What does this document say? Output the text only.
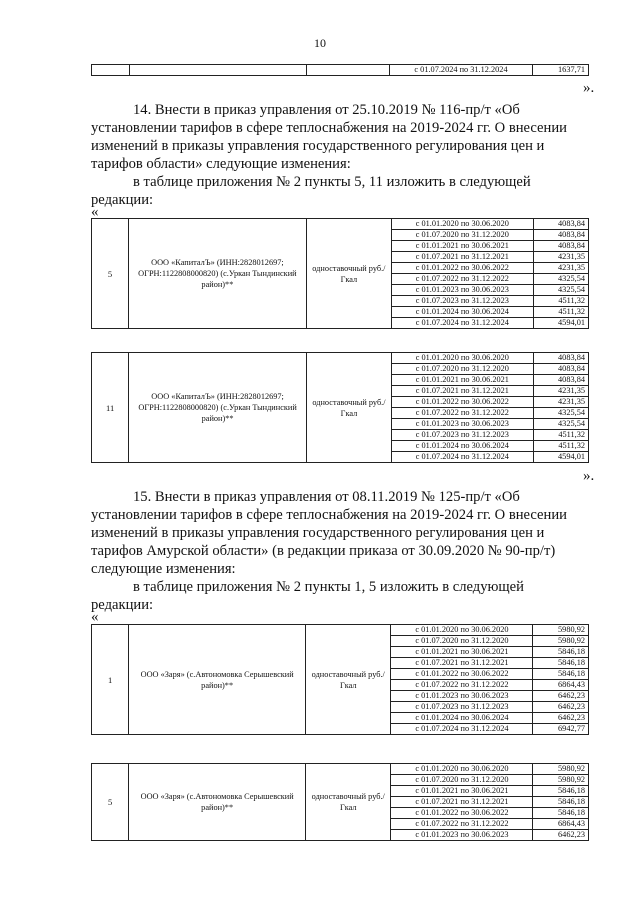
10
			с 01.07.2024 по 31.12.2024	1637,71
».

14. Внести в приказ управления от 25.10.2019 № 116-пр/т «Об

установлении тарифов в сфере теплоснабжения на 2019-2024 гг. О внесении

изменений в приказы управления государственного регулирования цен и

тарифов области» следующие изменения:

в таблице приложения № 2 пункты 5, 11 изложить в следующей

редакции:

«
5	ООО «КапиталЪ» (ИНН:2828012697; ОГРН:1122808000820) (с.Уркан Тындинский район)**	одноставочный руб./Гкал	с 01.01.2020 по 30.06.2020	4083,84
			с 01.07.2020 по 31.12.2020	4083,84
			с 01.01.2021 по 30.06.2021	4083,84
			с 01.07.2021 по 31.12.2021	4231,35
			с 01.01.2022 по 30.06.2022	4231,35
			с 01.07.2022 по 31.12.2022	4325,54
			с 01.01.2023 по 30.06.2023	4325,54
			с 01.07.2023 по 31.12.2023	4511,32
			с 01.01.2024 по 30.06.2024	4511,32
			с 01.07.2024 по 31.12.2024	4594,01
11	ООО «КапиталЪ» (ИНН:2828012697; ОГРН:1122808000820) (с.Уркан Тындинский район)**	одноставочный руб./Гкал	с 01.01.2020 по 30.06.2020	4083,84
			с 01.07.2020 по 31.12.2020	4083,84
			с 01.01.2021 по 30.06.2021	4083,84
			с 01.07.2021 по 31.12.2021	4231,35
			с 01.01.2022 по 30.06.2022	4231,35
			с 01.07.2022 по 31.12.2022	4325,54
			с 01.01.2023 по 30.06.2023	4325,54
			с 01.07.2023 по 31.12.2023	4511,32
			с 01.01.2024 по 30.06.2024	4511,32
			с 01.07.2024 по 31.12.2024	4594,01
».

15. Внести в приказ управления от 08.11.2019 № 125-пр/т «Об

установлении тарифов в сфере теплоснабжения на 2019-2024 гг. О внесении

изменений в приказы управления государственного регулирования цен и

тарифов Амурской области» (в редакции приказа от 30.09.2020 № 90-пр/т)

следующие изменения:

в таблице приложения № 2 пункты 1, 5 изложить в следующей

редакции:

«
1	ООО «Заря» (с.Автономовка Серышевский район)**	одноставочный руб./Гкал	с 01.01.2020 по 30.06.2020	5980,92
			с 01.07.2020 по 31.12.2020	5980,92
			с 01.01.2021 по 30.06.2021	5846,18
			с 01.07.2021 по 31.12.2021	5846,18
			с 01.01.2022 по 30.06.2022	5846,18
			с 01.07.2022 по 31.12.2022	6864,43
			с 01.01.2023 по 30.06.2023	6462,23
			с 01.07.2023 по 31.12.2023	6462,23
			с 01.01.2024 по 30.06.2024	6462,23
			с 01.07.2024 по 31.12.2024	6942,77
5	ООО «Заря» (с.Автономовка Серышевский район)**	одноставочный руб./Гкал	с 01.01.2020 по 30.06.2020	5980,92
			с 01.07.2020 по 31.12.2020	5980,92
			с 01.01.2021 по 30.06.2021	5846,18
			с 01.07.2021 по 31.12.2021	5846,18
			с 01.01.2022 по 30.06.2022	5846,18
			с 01.07.2022 по 31.12.2022	6864,43
			с 01.01.2023 по 30.06.2023	6462,23
